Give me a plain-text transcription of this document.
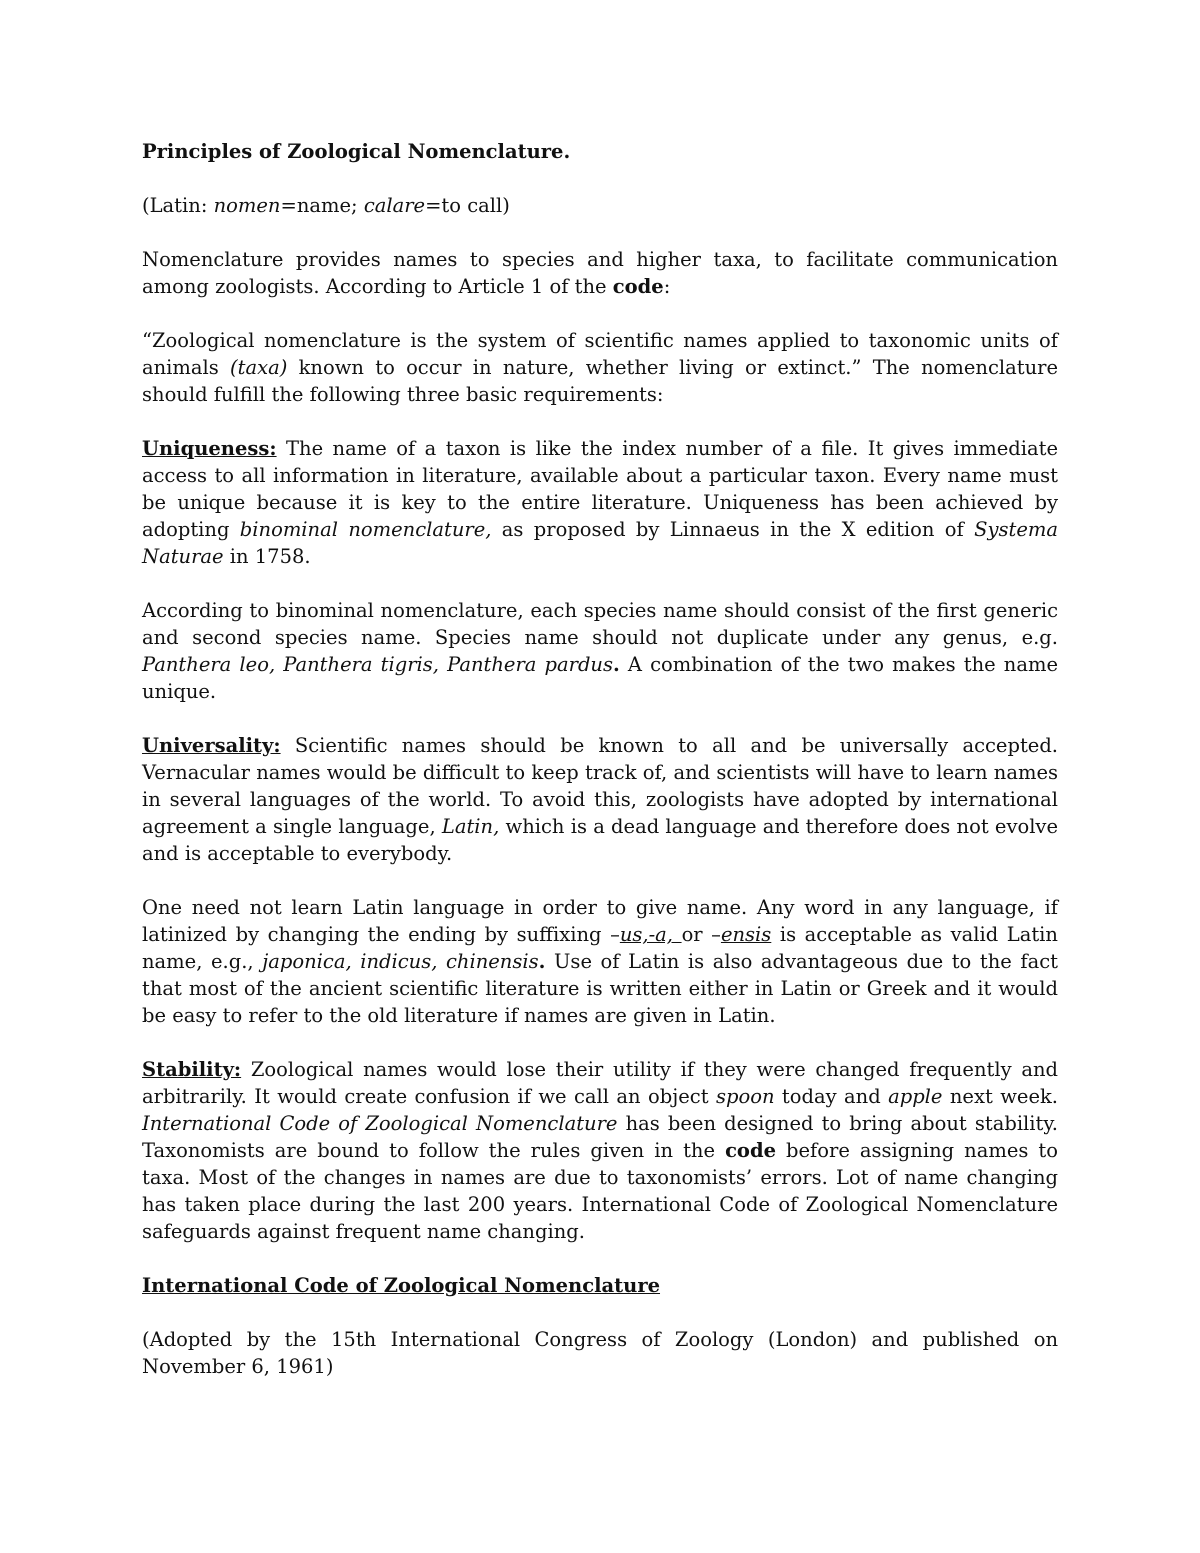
Principles of Zoological Nomenclature.

(Latin: nomen=name; calare=to call)

Nomenclature provides names to species and higher taxa, to facilitate communication among zoologists. According to Article 1 of the code:

“Zoological nomenclature is the system of scientific names applied to taxonomic units of animals (taxa) known to occur in nature, whether living or extinct.” The nomenclature should fulfill the following three basic requirements:

Uniqueness: The name of a taxon is like the index number of a file. It gives immediate access to all information in literature, available about a particular taxon. Every name must be unique because it is key to the entire literature. Uniqueness has been achieved by adopting binominal nomenclature, as proposed by Linnaeus in the X edition of Systema Naturae in 1758.

According to binominal nomenclature, each species name should consist of the first generic and second species name. Species name should not duplicate under any genus, e.g. Panthera leo, Panthera tigris, Panthera pardus. A combination of the two makes the name unique.

Universality: Scientific names should be known to all and be universally accepted. Vernacular names would be difficult to keep track of, and scientists will have to learn names in several languages of the world. To avoid this, zoologists have adopted by international agreement a single language, Latin, which is a dead language and therefore does not evolve and is acceptable to everybody.

One need not learn Latin language in order to give name. Any word in any language, if latinized by changing the ending by suffixing –us,-a, or –ensis is acceptable as valid Latin name, e.g., japonica, indicus, chinensis. Use of Latin is also advantageous due to the fact that most of the ancient scientific literature is written either in Latin or Greek and it would be easy to refer to the old literature if names are given in Latin.

Stability: Zoological names would lose their utility if they were changed frequently and arbitrarily. It would create confusion if we call an object spoon today and apple next week. International Code of Zoological Nomenclature has been designed to bring about stability. Taxonomists are bound to follow the rules given in the code before assigning names to taxa. Most of the changes in names are due to taxonomists’ errors. Lot of name changing has taken place during the last 200 years. International Code of Zoological Nomenclature safeguards against frequent name changing.

International Code of Zoological Nomenclature

(Adopted by the 15th International Congress of Zoology (London) and published on November 6, 1961)
